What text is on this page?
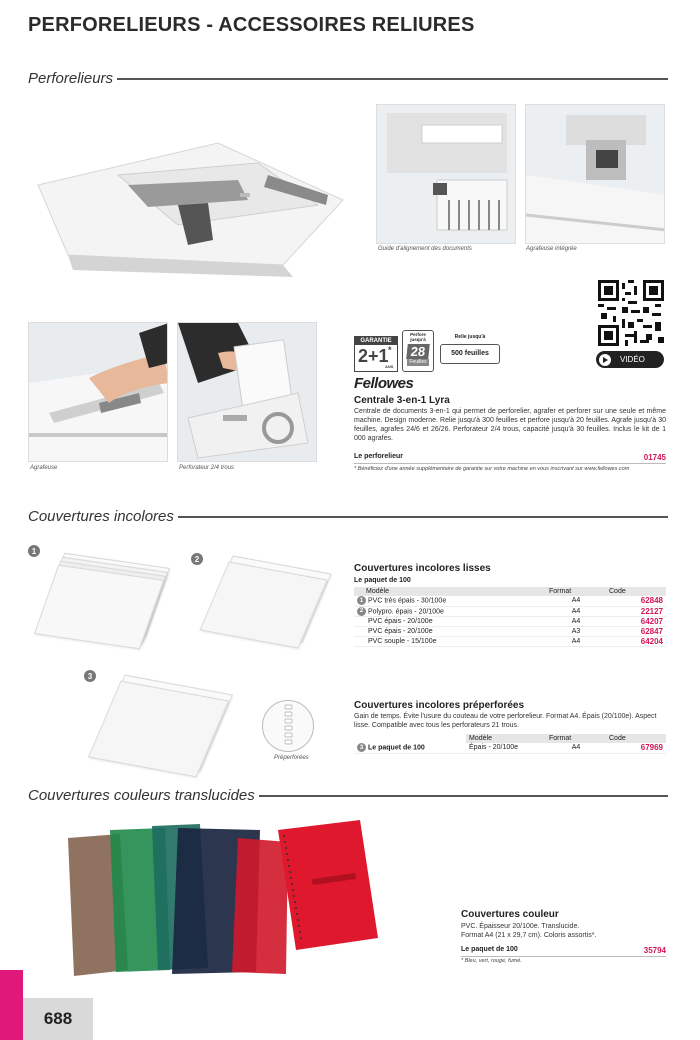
PERFORELIEURS - ACCESSOIRES RELIURES
Perforelieurs
Guide d'alignement des documents	Agrafeuse intégrée
VIDÉO
Agrafeuse	Perforateur 2/4 trous
GARANTIE
2+1 *
ANS
Perfore jusqu'à
28
Feuilles
Relie jusqu'à
500 feuilles
Fellowes
Centrale 3-en-1 Lyra
Centrale de documents 3-en-1 qui permet de perforelier, agrafer et perforer sur une seule et même machine. Design moderne. Relie jusqu'à 300 feuilles et perfore jusqu'à 20 feuilles. Agrafe jusqu'à 30 feuilles, agrafes 24/6 et 26/26. Perforateur 2/4 trous, capacité jusqu'à 30 feuilles. Inclus le kit de 1 000 agrafes.
Le perforelieur	01745
* Bénéficiez d'une année supplémentaire de garantie sur votre machine en vous inscrivant sur www.fellowes.com
Couvertures incolores
1
2
3
Préperforées
Couvertures incolores lisses
Le paquet de 100
Modèle	Format	Code
1 PVC très épais - 30/100e	A4	62848
2 Polypro. épais - 20/100e	A4	22127
PVC épais - 20/100e	A4	64207
PVC épais - 20/100e	A3	62847
PVC souple - 15/100e	A4	64204
Couvertures incolores préperforées
Gain de temps. Évite l'usure du couteau de votre perforelieur. Format A4. Épais (20/100e). Aspect lisse. Compatible avec tous les perforateurs 21 trous.
	Modèle	Format	Code
3 Le paquet de 100	Épais - 20/100e	A4	67969
Couvertures couleurs translucides
Couvertures couleur
PVC. Épaisseur 20/100e. Translucide.
Format A4 (21 x 29,7 cm). Coloris assortis*.
Le paquet de 100	35794
* Bleu, vert, rouge, fumé.
688
